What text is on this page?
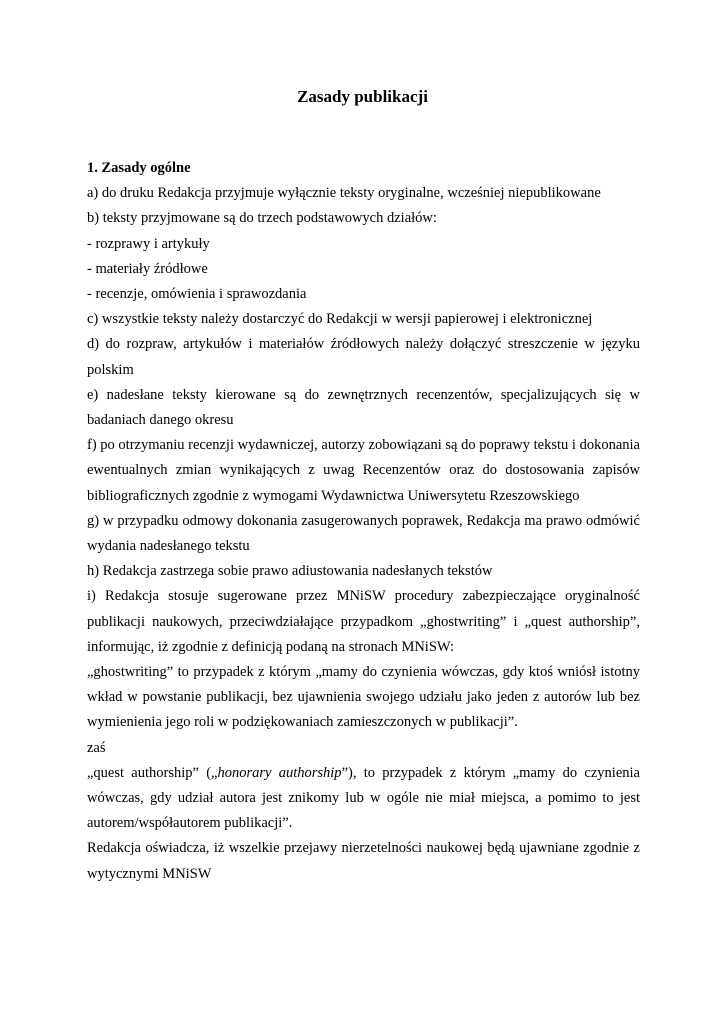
Zasady publikacji

1. Zasady ogólne

a) do druku Redakcja przyjmuje wyłącznie teksty oryginalne, wcześniej niepublikowane

b) teksty przyjmowane są do trzech podstawowych działów:

- rozprawy i artykuły

- materiały źródłowe

- recenzje, omówienia i sprawozdania

c) wszystkie teksty należy dostarczyć do Redakcji w wersji papierowej i elektronicznej

d) do rozpraw, artykułów i materiałów źródłowych należy dołączyć streszczenie w języku polskim

e) nadesłane teksty kierowane są do zewnętrznych recenzentów, specjalizujących się w badaniach danego okresu

f) po otrzymaniu recenzji wydawniczej, autorzy zobowiązani są do poprawy tekstu i dokonania ewentualnych zmian wynikających z uwag Recenzentów oraz do dostosowania zapisów bibliograficznych zgodnie z wymogami Wydawnictwa Uniwersytetu Rzeszowskiego

g) w przypadku odmowy dokonania zasugerowanych poprawek, Redakcja ma prawo odmówić wydania nadesłanego tekstu

h) Redakcja zastrzega sobie prawo adiustowania nadesłanych tekstów

i) Redakcja stosuje sugerowane przez MNiSW procedury zabezpieczające oryginalność publikacji naukowych, przeciwdziałające przypadkom „ghostwriting” i „quest authorship”, informując, iż zgodnie z definicją podaną na stronach MNiSW:

„ghostwriting” to przypadek z którym „mamy do czynienia wówczas, gdy ktoś wniósł istotny wkład w powstanie publikacji, bez ujawnienia swojego udziału jako jeden z autorów lub bez wymienienia jego roli w podziękowaniach zamieszczonych w publikacji”.

zaś

„quest authorship” („honorary authorship”), to przypadek z którym „mamy do czynienia wówczas, gdy udział autora jest znikomy lub w ogóle nie miał miejsca, a pomimo to jest autorem/współautorem publikacji”.

Redakcja oświadcza, iż wszelkie przejawy nierzetelności naukowej będą ujawniane zgodnie z wytycznymi MNiSW
